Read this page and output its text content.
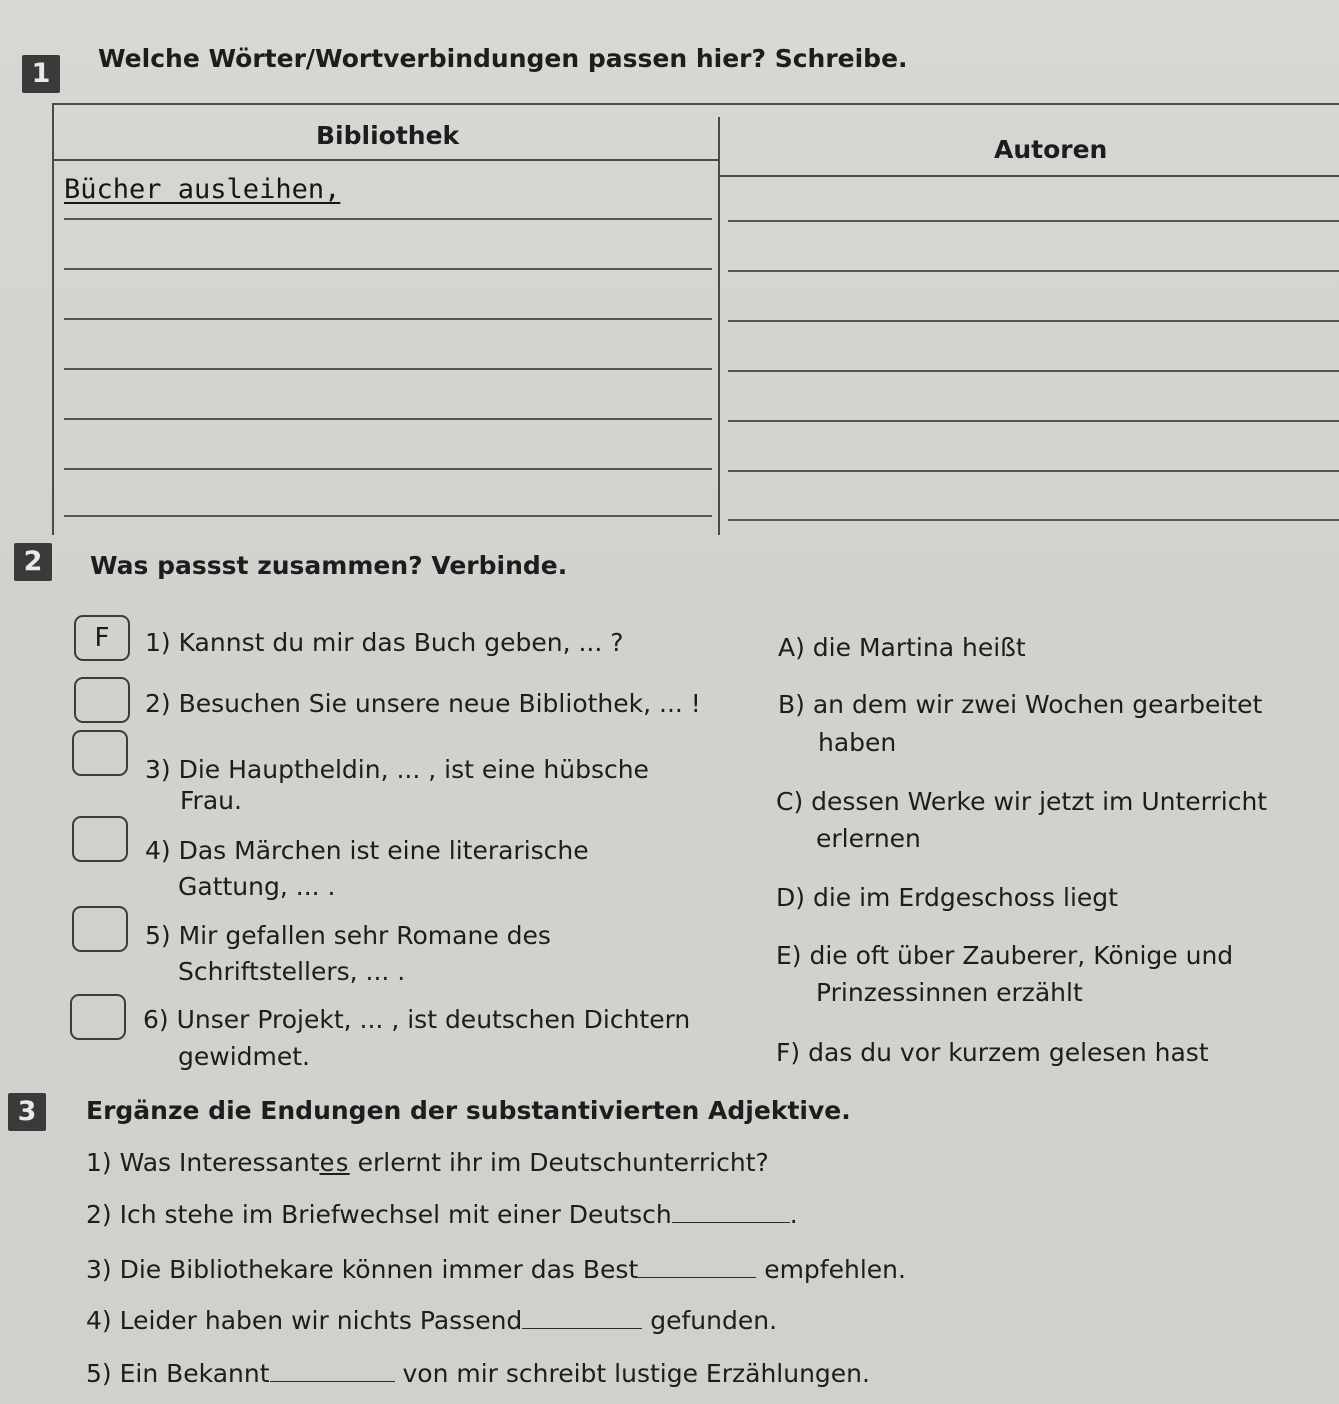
1	Welche Wörter/Wortverbindungen passen hier? Schreibe.
Bibliothek	Autoren
Bücher ausleihen,
2	Was passst zusammen? Verbinde.
F	1) Kannst du mir das Buch geben, ... ?
2) Besuchen Sie unsere neue Bibliothek, ... !
3) Die Hauptheldin, ... , ist eine hübsche
Frau.
4) Das Märchen ist eine literarische
Gattung, ... .
5) Mir gefallen sehr Romane des
Schriftstellers, ... .
6) Unser Projekt, ... , ist deutschen Dichtern
gewidmet.
A) die Martina heißt
B) an dem wir zwei Wochen gearbeitet
haben
C) dessen Werke wir jetzt im Unterricht
erlernen
D) die im Erdgeschoss liegt
E) die oft über Zauberer, Könige und
Prinzessinnen erzählt
F) das du vor kurzem gelesen hast
3	Ergänze die Endungen der substantivierten Adjektive.
1) Was Interessantes erlernt ihr im Deutschunterricht?
2) Ich stehe im Briefwechsel mit einer Deutsch	.
3) Die Bibliothekare können immer das Best	empfehlen.
4) Leider haben wir nichts Passend	gefunden.
5) Ein Bekannt	von mir schreibt lustige Erzählungen.
